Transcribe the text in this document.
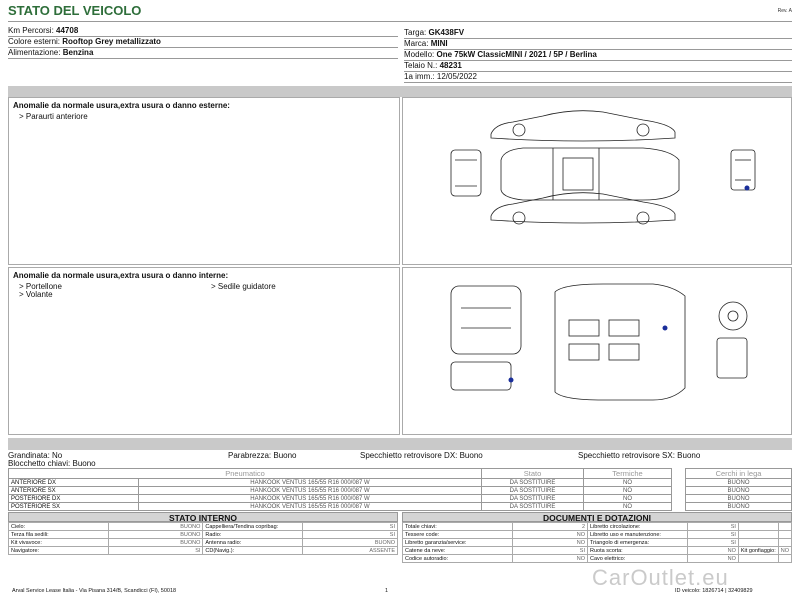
STATO DEL VEICOLO	Rev. A
Km Percorsi: 44708
Colore esterni: Rooftop Grey metallizzato
Alimentazione: Benzina
Targa: GK438FV
Marca: MINI
Modello: One 75kW ClassicMINI / 2021 / 5P / Berlina
Telaio N.: 48231
1a imm.: 12/05/2022
Anomalie da normale usura,extra usura o danno esterne:
> Paraurti anteriore
Anomalie da normale usura,extra usura o danno interne:
> Portellone
> Volante
> Sedile guidatore
Grandinata: No	Parabrezza: Buono	Specchietto retrovisore DX: Buono	Specchietto retrovisore SX: Buono
Blocchetto chiavi: Buono
Pneumatico		Stato	Termiche		Cerchi in lega
ANTERIORE DX	HANKOOK VENTUS 165/55 R16 000/087 W	DA SOSTITUIRE	NO		BUONO
ANTERIORE SX	HANKOOK VENTUS 165/55 R16 000/087 W	DA SOSTITUIRE	NO		BUONO
POSTERIORE DX	HANKOOK VENTUS 165/55 R16 000/087 W	DA SOSTITUIRE	NO		BUONO
POSTERIORE SX	HANKOOK VENTUS 165/55 R16 000/087 W	DA SOSTITUIRE	NO		BUONO
STATO INTERNO
Cielo:	BUONO	Cappelliera/Tendina copribag:	SI
Terza fila sedili:	BUONO	Radio:	SI
Kit vivavoce:	BUONO	Antenna radio:	BUONO
Navigatore:	SI	CD(Navig.):	ASSENTE
DOCUMENTI E DOTAZIONI
Totale chiavi:	2	Libretto circolazione:	SI		
Tessere code:	NO	Libretto uso e manutenzione:	SI		
Libretto garanzia/service:	NO	Triangolo di emergenza:	SI		
Catene da neve:	SI	Ruota scorta:	NO	Kit gonfiaggio:	NO
Codice autoradio:	NO	Cavo elettrico:	NO		
Arval Service Lease Italia - Via Pisana 314/B, Scandicci (FI), 50018	1	ID veicolo: 1826714 | 32409829
CarOutlet.eu
